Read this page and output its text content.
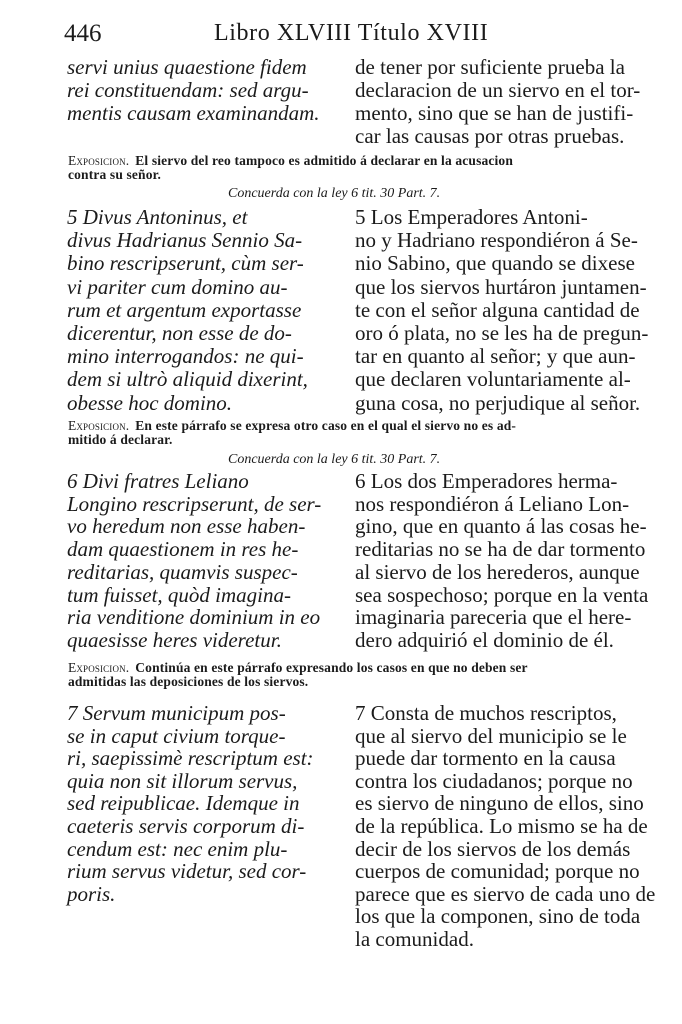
446	Libro XLVIII Título XVIII
servi unius quaestione fidem
rei constituendam: sed argu-
mentis causam examinandam.
de tener por suficiente prueba la
declaracion de un siervo en el tor-
mento, sino que se han de justifi-
car las causas por otras pruebas.
Exposicion. El siervo del reo tampoco es admitido á declarar en la acusacion
contra su señor.
Concuerda con la ley 6 tit. 30 Part. 7.
5 Divus Antoninus, et
divus Hadrianus Sennio Sa-
bino rescripserunt, cùm ser-
vi pariter cum domino au-
rum et argentum exportasse
dicerentur, non esse de do-
mino interrogandos: ne qui-
dem si ultrò aliquid dixerint,
obesse hoc domino.
5 Los Emperadores Antoni-
no y Hadriano respondiéron á Se-
nio Sabino, que quando se dixese
que los siervos hurtáron juntamen-
te con el señor alguna cantidad de
oro ó plata, no se les ha de pregun-
tar en quanto al señor; y que aun-
que declaren voluntariamente al-
guna cosa, no perjudique al señor.
Exposicion. En este párrafo se expresa otro caso en el qual el siervo no es ad-
mitido á declarar.
Concuerda con la ley 6 tit. 30 Part. 7.
6 Divi fratres Leliano
Longino rescripserunt, de ser-
vo heredum non esse haben-
dam quaestionem in res he-
reditarias, quamvis suspec-
tum fuisset, quòd imagina-
ria venditione dominium in eo
quaesisse heres videretur.
6 Los dos Emperadores herma-
nos respondiéron á Leliano Lon-
gino, que en quanto á las cosas he-
reditarias no se ha de dar tormento
al siervo de los herederos, aunque
sea sospechoso; porque en la venta
imaginaria pareceria que el here-
dero adquirió el dominio de él.
Exposicion. Continúa en este párrafo expresando los casos en que no deben ser
admitidas las deposiciones de los siervos.
7 Servum municipum pos-
se in caput civium torque-
ri, saepissimè rescriptum est:
quia non sit illorum servus,
sed reipublicae. Idemque in
caeteris servis corporum di-
cendum est: nec enim plu-
rium servus videtur, sed cor-
poris.
7 Consta de muchos rescriptos,
que al siervo del municipio se le
puede dar tormento en la causa
contra los ciudadanos; porque no
es siervo de ninguno de ellos, sino
de la república. Lo mismo se ha de
decir de los siervos de los demás
cuerpos de comunidad; porque no
parece que es siervo de cada uno de
los que la componen, sino de toda
la comunidad.
